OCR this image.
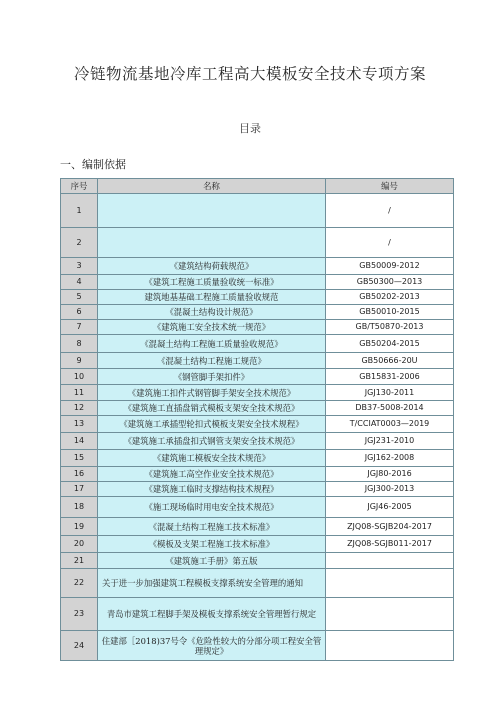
冷链物流基地冷库工程高大模板安全技术专项方案
目录
一、编制依据
序号	名称	编号
1		/
2		/
3	《建筑结构荷载规范》	GB50009-2012
4	《建筑工程施工质量验收统一标准》	GB50300—2013
5	建筑地基基础工程施工质量验收规范	GB50202-2013
6	《混凝土结构设计规范》	GB50010-2015
7	《建筑施工安全技术统一规范》	GB/T50870-2013
8	《混凝土结构工程施工质量验收规范》	GB50204-2015
9	《混凝土结构工程施工规范》	GB50666-20U
10	《钢管脚手架扣件》	GB15831-2006
11	《建筑施工扣件式钢管脚手架安全技术规范》	JGJ130-2011
12	《建筑施工直插盘销式模板支架安全技术规范》	DB37-5008-2014
13	《建筑施工承插型轮扣式模板支架安全技术规程》	T/CCIAT0003—2019
14	《建筑施工承插盘扣式钢管支架安全技术规范》	JGJ231-2010
15	《建筑施工模板安全技术规范》	JGJ162-2008
16	《建筑施工高空作业安全技术规范》	JGJ80-2016
17	《建筑施工临时支撑结构技术规程》	JGJ300-2013
18	《施工现场临时用电安全技术规范》	JGJ46-2005
19	《混凝土结构工程施工技术标准》	ZJQ08-SGJB204-2017
20	《模板及支架工程施工技术标准》	ZJQ08-SGJB011-2017
21	《建筑施工手册》第五版	
22	关于进一步加强建筑工程模板支撑系统安全管理的通知	
23	青岛市建筑工程脚手架及模板支撑系统安全管理暂行规定	
24	住建部［2018)37号令《危险性较大的分部分项工程安全管理规定》	
